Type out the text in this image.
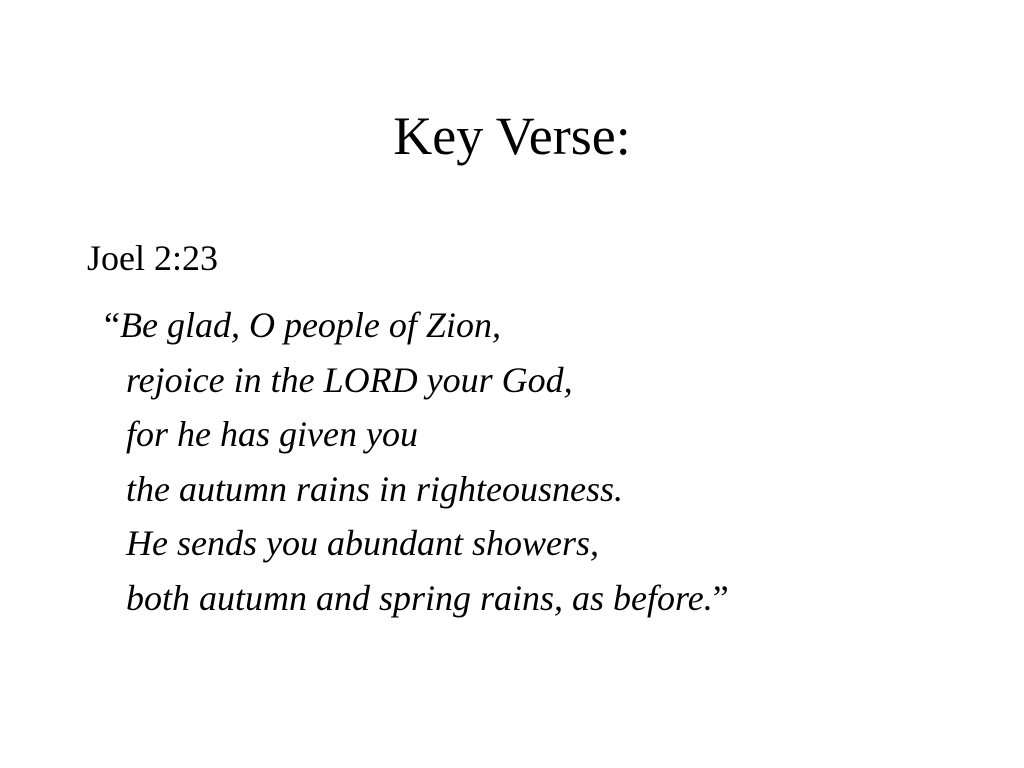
Key Verse:
Joel 2:23
“Be glad, O people of Zion,
rejoice in the LORD your God,
for he has given you
the autumn rains in righteousness.
He sends you abundant showers,
both autumn and spring rains, as before.”
